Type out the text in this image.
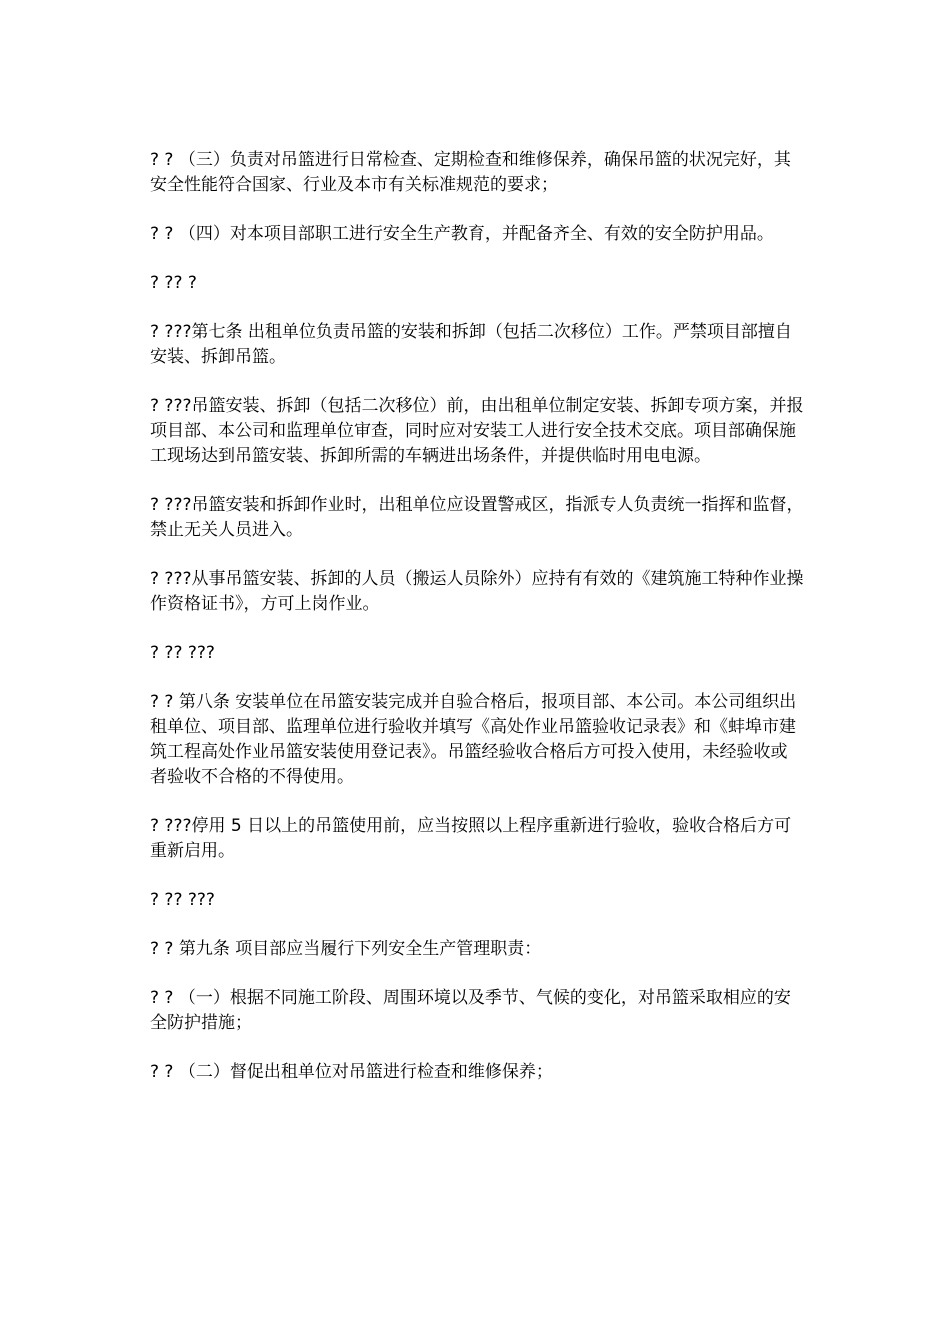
? ? （三）负责对吊篮进行日常检查、定期检查和维修保养，确保吊篮的状况完好，其安全性能符合国家、行业及本市有关标准规范的要求；

? ? （四）对本项目部职工进行安全生产教育，并配备齐全、有效的安全防护用品。

? ?? ?

? ???第七条 出租单位负责吊篮的安装和拆卸（包括二次移位）工作。严禁项目部擅自安装、拆卸吊篮。

? ???吊篮安装、拆卸（包括二次移位）前，由出租单位制定安装、拆卸专项方案，并报项目部、本公司和监理单位审查，同时应对安装工人进行安全技术交底。项目部确保施工现场达到吊篮安装、拆卸所需的车辆进出场条件，并提供临时用电电源。

? ???吊篮安装和拆卸作业时，出租单位应设置警戒区，指派专人负责统一指挥和监督，禁止无关人员进入。

? ???从事吊篮安装、拆卸的人员（搬运人员除外）应持有有效的《建筑施工特种作业操作资格证书》，方可上岗作业。

? ?? ???

? ? 第八条 安装单位在吊篮安装完成并自验合格后，报项目部、本公司。本公司组织出租单位、项目部、监理单位进行验收并填写《高处作业吊篮验收记录表》和《蚌埠市建筑工程高处作业吊篮安装使用登记表》。吊篮经验收合格后方可投入使用，未经验收或者验收不合格的不得使用。

? ???停用 5 日以上的吊篮使用前，应当按照以上程序重新进行验收，验收合格后方可重新启用。

? ?? ???

? ? 第九条 项目部应当履行下列安全生产管理职责：

? ? （一）根据不同施工阶段、周围环境以及季节、气候的变化，对吊篮采取相应的安全防护措施；

? ? （二）督促出租单位对吊篮进行检查和维修保养；
